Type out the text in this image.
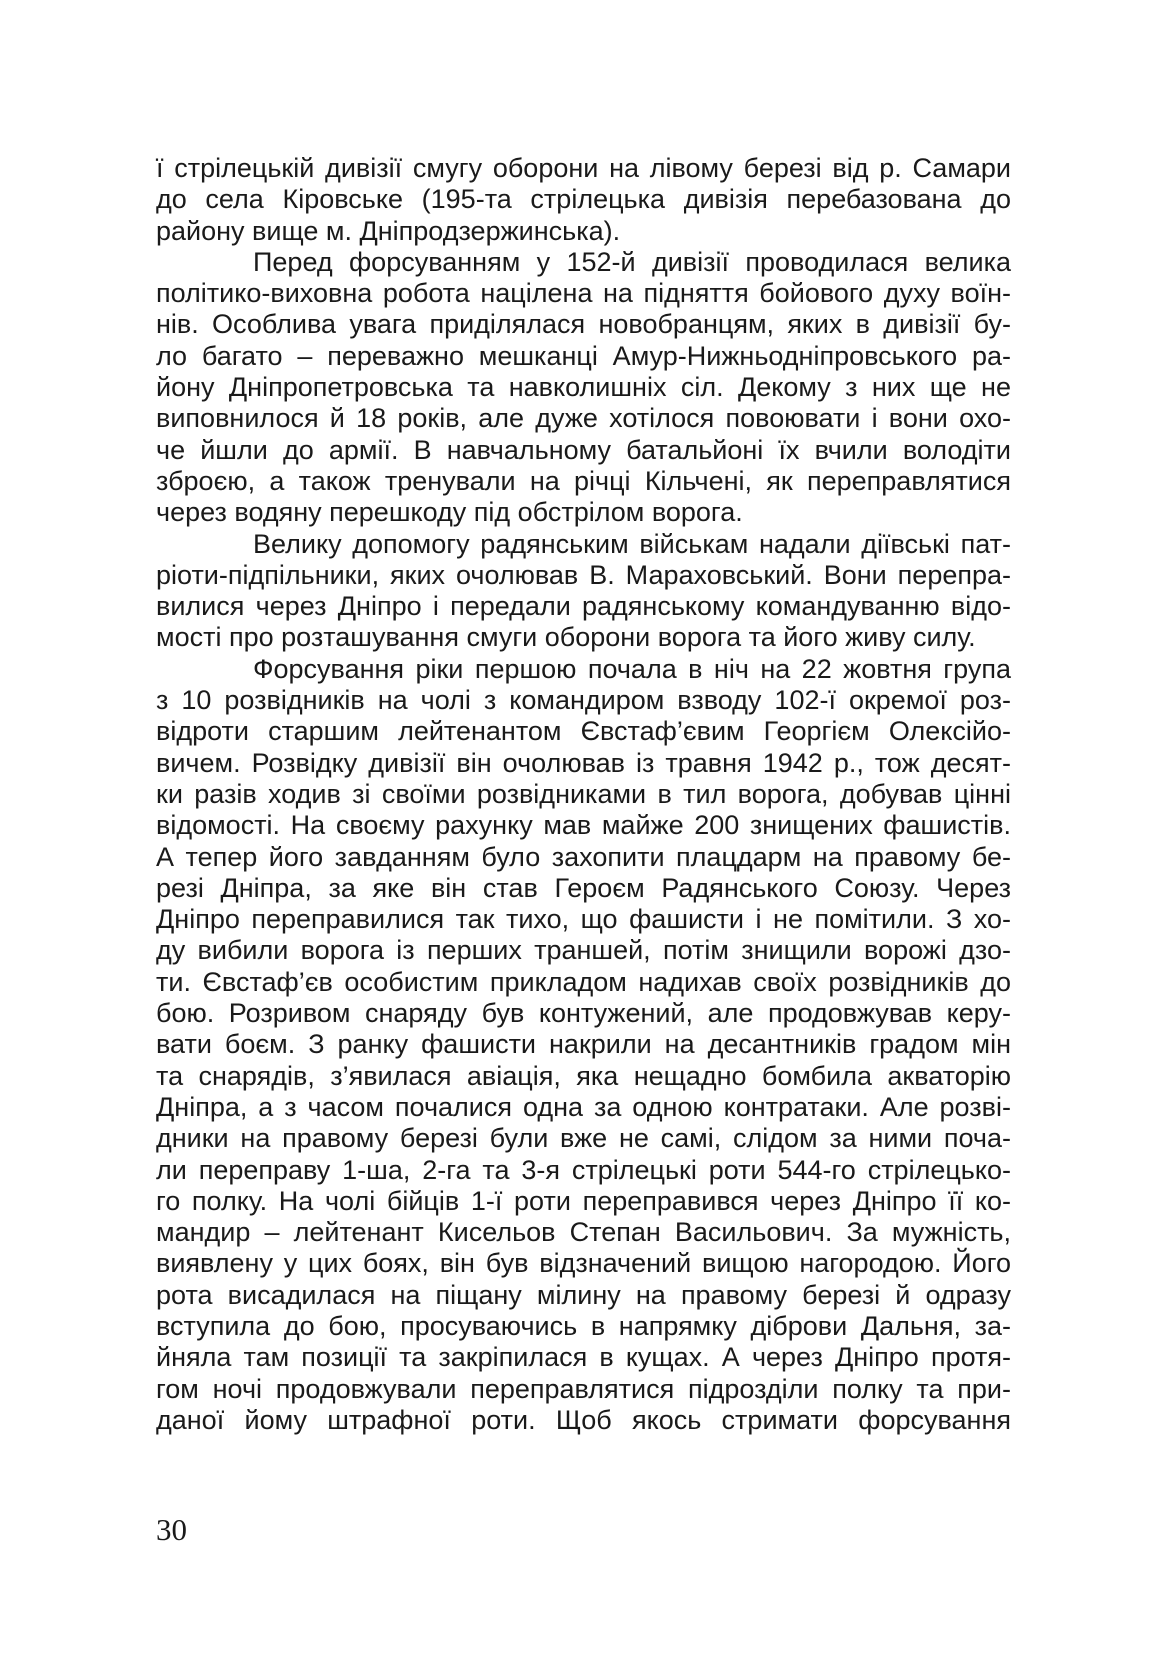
ї стрілецькій дивізії смугу оборони на лівому березі від р. Самари
до села Кіровське (195-та стрілецька дивізія перебазована до
району вище м. Дніпродзержинська).

Перед форсуванням у 152-й дивізії проводилася велика
політико-виховна робота націлена на підняття бойового духу воїн-
нів. Особлива увага приділялася новобранцям, яких в дивізії бу-
ло багато – переважно мешканці Амур-Нижньодніпровського ра-
йону Дніпропетровська та навколишніх сіл. Декому з них ще не
виповнилося й 18 років, але дуже хотілося повоювати і вони охо-
че йшли до армії. В навчальному батальйоні їх вчили володіти
зброєю, а також тренували на річці Кільчені, як переправлятися
через водяну перешкоду під обстрілом ворога.

Велику допомогу радянським військам надали діївські пат-
ріоти-підпільники, яких очолював В. Мараховський. Вони перепра-
вилися через Дніпро і передали радянському командуванню відо-
мості про розташування смуги оборони ворога та його живу силу.

Форсування ріки першою почала в ніч на 22 жовтня група
з 10 розвідників на чолі з командиром взводу 102-ї окремої роз-
відроти старшим лейтенантом Євстаф’євим Георгієм Олексійо-
вичем. Розвідку дивізії він очолював із травня 1942 р., тож десят-
ки разів ходив зі своїми розвідниками в тил ворога, добував цінні
відомості. На своєму рахунку мав майже 200 знищених фашистів.
А тепер його завданням було захопити плацдарм на правому бе-
резі Дніпра, за яке він став Героєм Радянського Союзу. Через
Дніпро переправилися так тихо, що фашисти і не помітили. З хо-
ду вибили ворога із перших траншей, потім знищили ворожі дзо-
ти. Євстаф’єв особистим прикладом надихав своїх розвідників до
бою. Розривом снаряду був контужений, але продовжував керу-
вати боєм. З ранку фашисти накрили на десантників градом мін
та снарядів, з’явилася авіація, яка нещадно бомбила акваторію
Дніпра, а з часом почалися одна за одною контратаки. Але розві-
дники на правому березі були вже не самі, слідом за ними поча-
ли переправу 1-ша, 2-га та 3-я стрілецькі роти 544-го стрілецько-
го полку. На чолі бійців 1-ї роти переправився через Дніпро її ко-
мандир – лейтенант Кисельов Степан Васильович. За мужність,
виявлену у цих боях, він був відзначений вищою нагородою. Його
рота висадилася на піщану мілину на правому березі й одразу
вступила до бою, просуваючись в напрямку діброви Дальня, за-
йняла там позиції та закріпилася в кущах. А через Дніпро протя-
гом ночі продовжували переправлятися підрозділи полку та при-
даної йому штрафної роти. Щоб якось стримати форсування

30
